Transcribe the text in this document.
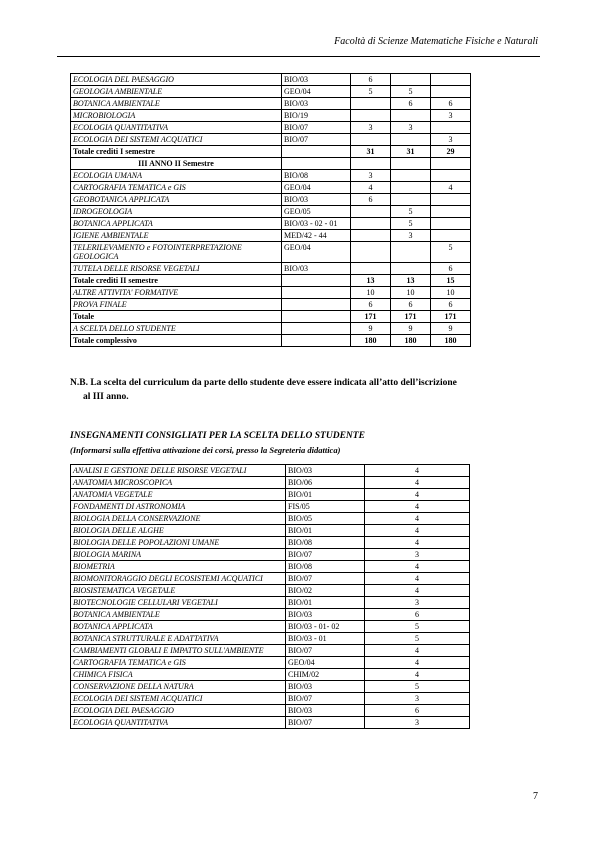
Facoltà di Scienze Matematiche Fisiche e Naturali
ECOLOGIA DEL PAESAGGIO	BIO/03	6		
GEOLOGIA AMBIENTALE	GEO/04	5	5	
BOTANICA AMBIENTALE	BIO/03		6	6
MICROBIOLOGIA	BIO/19			3
ECOLOGIA QUANTITATIVA	BIO/07	3	3	
ECOLOGIA DEI SISTEMI ACQUATICI	BIO/07			3
Totale crediti I semestre		31	31	29
III ANNO II Semestre				
ECOLOGIA UMANA	BIO/08	3		
CARTOGRAFIA TEMATICA e GIS	GEO/04	4		4
GEOBOTANICA APPLICATA	BIO/03	6		
IDROGEOLOGIA	GEO/05		5	
BOTANICA APPLICATA	BIO/03 - 02 - 01		5	
IGIENE AMBIENTALE	MED/42 - 44		3	
TELERILEVAMENTO e FOTOINTERPRETAZIONE GEOLOGICA	GEO/04			5
TUTELA DELLE RISORSE VEGETALI	BIO/03			6
Totale crediti II semestre		13	13	15
ALTRE ATTIVITA' FORMATIVE		10	10	10
PROVA FINALE		6	6	6
Totale		171	171	171
A SCELTA DELLO STUDENTE		9	9	9
Totale complessivo		180	180	180
N.B. La scelta del curriculum da parte dello studente deve essere indicata all’atto dell’iscrizione
al III anno.
INSEGNAMENTI CONSIGLIATI PER LA SCELTA DELLO STUDENTE
(Informarsi sulla effettiva attivazione dei corsi, presso la Segreteria didattica)
ANALISI E GESTIONE DELLE RISORSE VEGETALI	BIO/03	4
ANATOMIA MICROSCOPICA	BIO/06	4
ANATOMIA VEGETALE	BIO/01	4
FONDAMENTI DI ASTRONOMIA	FIS/05	4
BIOLOGIA DELLA CONSERVAZIONE	BIO/05	4
BIOLOGIA DELLE ALGHE	BIO/01	4
BIOLOGIA DELLE POPOLAZIONI UMANE	BIO/08	4
BIOLOGIA MARINA	BIO/07	3
BIOMETRIA	BIO/08	4
BIOMONITORAGGIO DEGLI ECOSISTEMI ACQUATICI	BIO/07	4
BIOSISTEMATICA VEGETALE	BIO/02	4
BIOTECNOLOGIE CELLULARI VEGETALI	BIO/01	3
BOTANICA AMBIENTALE	BIO/03	6
BOTANICA APPLICATA	BIO/03 - 01- 02	5
BOTANICA STRUTTURALE E ADATTATIVA	BIO/03 - 01	5
CAMBIAMENTI GLOBALI E IMPATTO SULL'AMBIENTE	BIO/07	4
CARTOGRAFIA TEMATICA e GIS	GEO/04	4
CHIMICA FISICA	CHIM/02	4
CONSERVAZIONE DELLA NATURA	BIO/03	5
ECOLOGIA DEI SISTEMI ACQUATICI	BIO/07	3
ECOLOGIA DEL PAESAGGIO	BIO/03	6
ECOLOGIA QUANTITATIVA	BIO/07	3
7
